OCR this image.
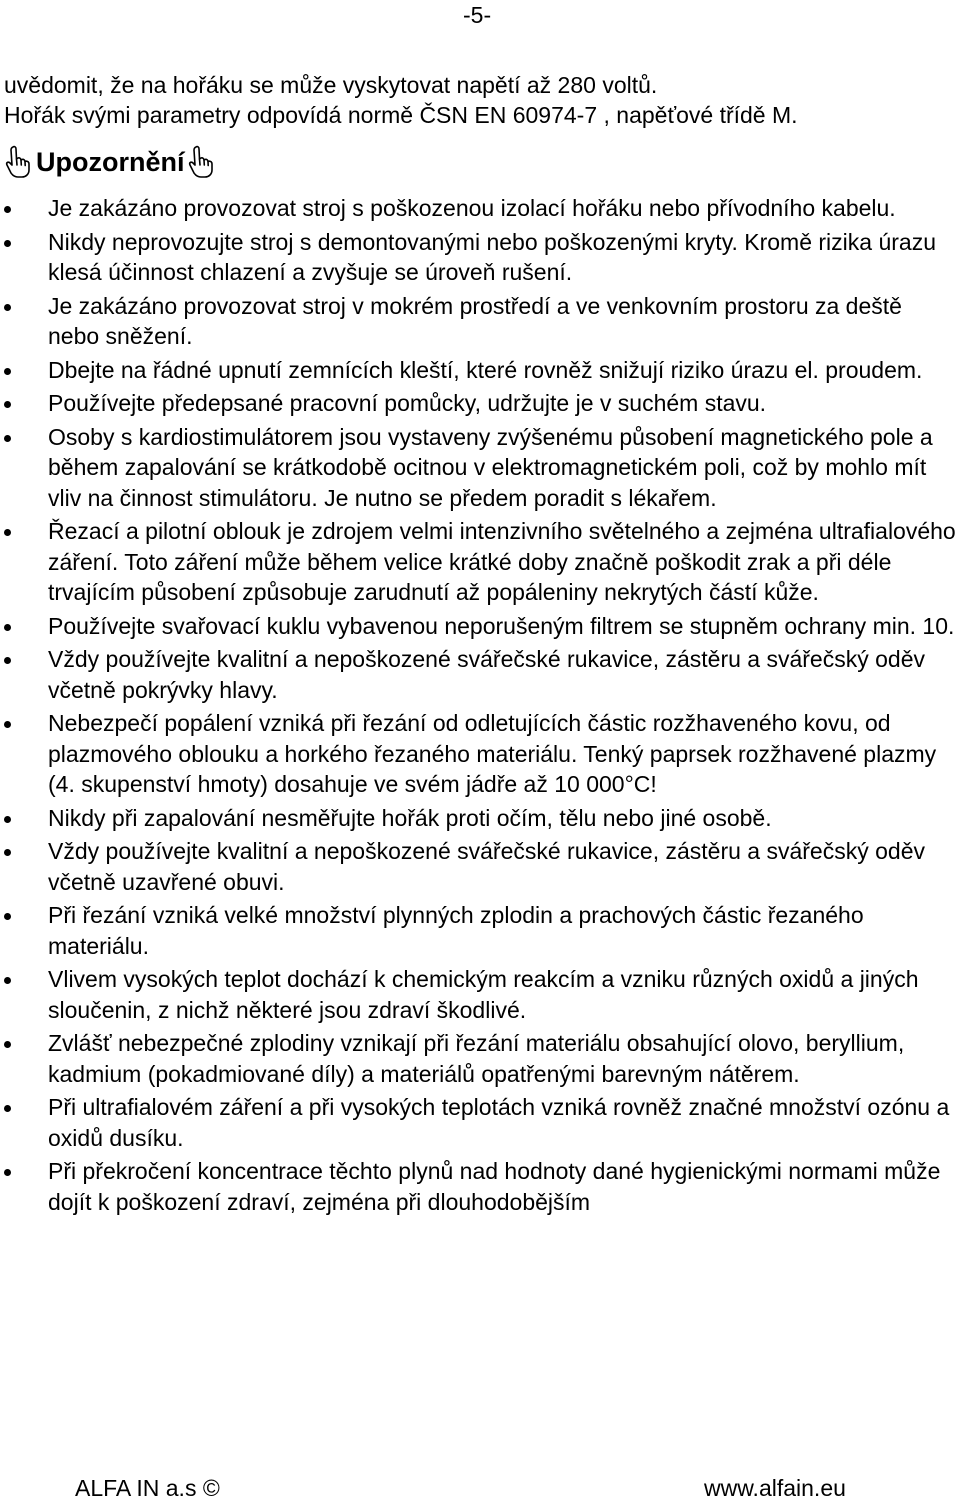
-5-

uvědomit, že na hořáku se může vyskytovat napětí až 280 voltů.

Hořák svými parametry odpovídá normě ČSN EN 60974-7 , napěťové třídě M.

Upozornění
Je zakázáno provozovat stroj s poškozenou izolací hořáku nebo přívodního kabelu.
Nikdy neprovozujte stroj s demontovanými nebo poškozenými kryty. Kromě rizika úrazu klesá účinnost chlazení a zvyšuje se úroveň rušení.
Je zakázáno provozovat stroj v mokrém prostředí a ve venkovním prostoru za deště nebo sněžení.
Dbejte na řádné upnutí zemnících kleští, které rovněž snižují riziko úrazu el. proudem.
Používejte předepsané pracovní pomůcky, udržujte je v suchém stavu.
Osoby s kardiostimulátorem jsou vystaveny zvýšenému působení magnetického pole a během zapalování se krátkodobě ocitnou v elektromagnetickém poli, což by mohlo mít vliv na činnost stimulátoru. Je nutno se předem poradit s lékařem.
Řezací a pilotní oblouk je zdrojem velmi intenzivního světelného a zejména ultrafialového záření. Toto záření může během velice krátké doby značně poškodit zrak a při déle trvajícím působení způsobuje zarudnutí až popáleniny nekrytých částí kůže.
Používejte svařovací kuklu vybavenou neporušeným filtrem se stupněm ochrany min. 10.
Vždy používejte kvalitní a nepoškozené svářečské rukavice, zástěru a svářečský oděv včetně pokrývky hlavy.
Nebezpečí popálení vzniká při řezání od odletujících částic rozžhaveného kovu, od plazmového oblouku a horkého řezaného materiálu. Tenký paprsek rozžhavené plazmy (4. skupenství hmoty) dosahuje ve svém jádře až 10 000°C!
Nikdy při zapalování nesměřujte hořák proti očím, tělu nebo jiné osobě.
Vždy používejte kvalitní a nepoškozené svářečské rukavice, zástěru a svářečský oděv včetně uzavřené obuvi.
Při řezání vzniká velké množství plynných zplodin a prachových částic řezaného materiálu.
Vlivem vysokých teplot dochází k chemickým reakcím a vzniku různých oxidů a jiných sloučenin, z nichž některé jsou zdraví škodlivé.
Zvlášť nebezpečné zplodiny vznikají při řezání materiálu obsahující olovo, beryllium, kadmium (pokadmiované díly) a materiálů opatřenými barevným nátěrem.
Při ultrafialovém záření a při vysokých teplotách vzniká rovněž značné množství ozónu a oxidů dusíku.
Při překročení koncentrace těchto plynů nad hodnoty dané hygienickými normami může dojít k poškození zdraví, zejména při dlouhodobějším
ALFA IN a.s ©	www.alfain.eu
